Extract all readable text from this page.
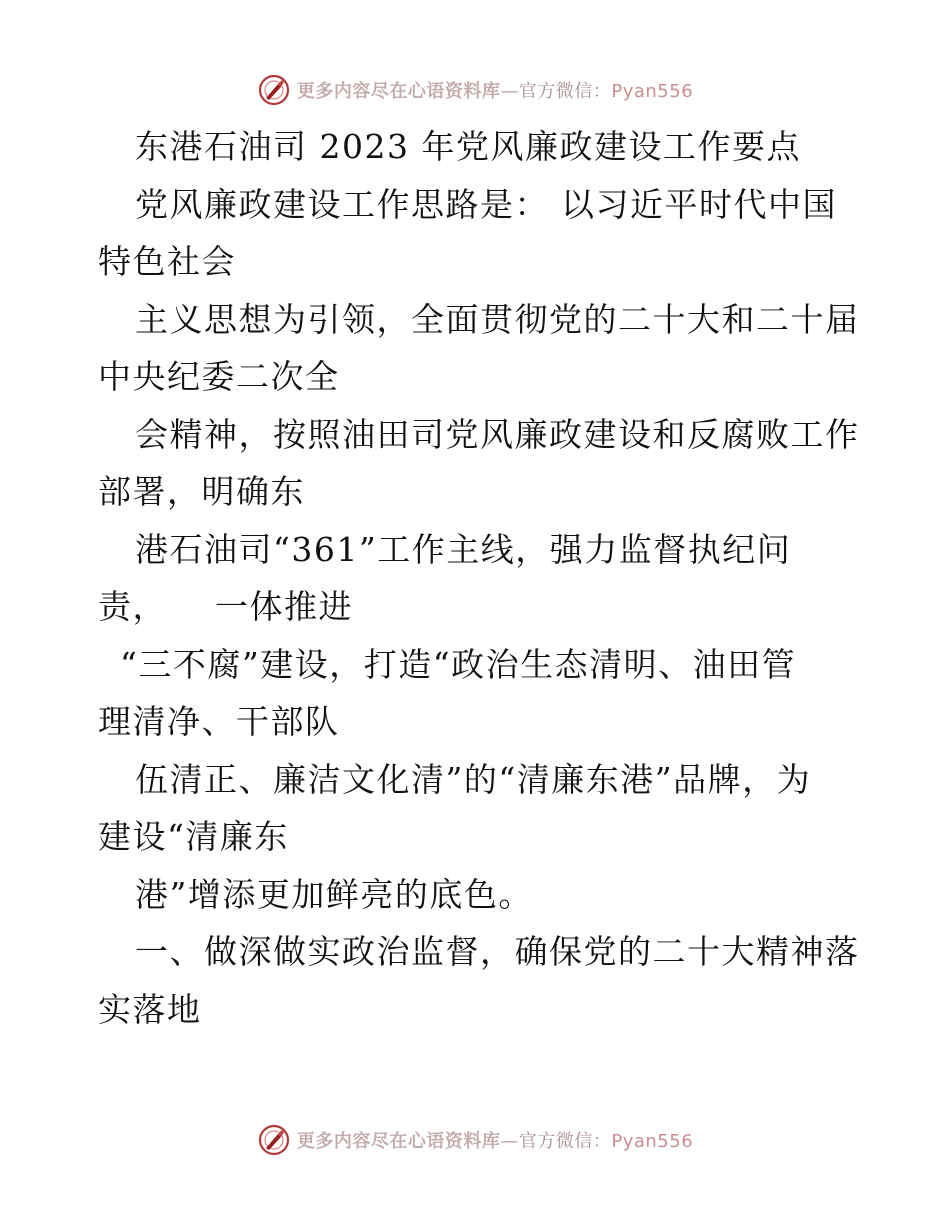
更多内容尽在心语资料库—官方微信：Pyan556
东港石油司 2023 年党风廉政建设工作要点
党风廉政建设工作思路是： 以习近平时代中国
特色社会
主义思想为引领，全面贯彻党的二十大和二十届
中央纪委二次全
会精神，按照油田司党风廉政建设和反腐败工作
部署，明确东
港石油司“361”工作主线，强力监督执纪问
责，    一体推进
“三不腐”建设，打造“政治生态清明、油田管
理清净、干部队
伍清正、廉洁文化清”的“清廉东港”品牌，为
建设“清廉东
港”增添更加鲜亮的底色。
一、做深做实政治监督，确保党的二十大精神落
实落地
更多内容尽在心语资料库—官方微信：Pyan556
